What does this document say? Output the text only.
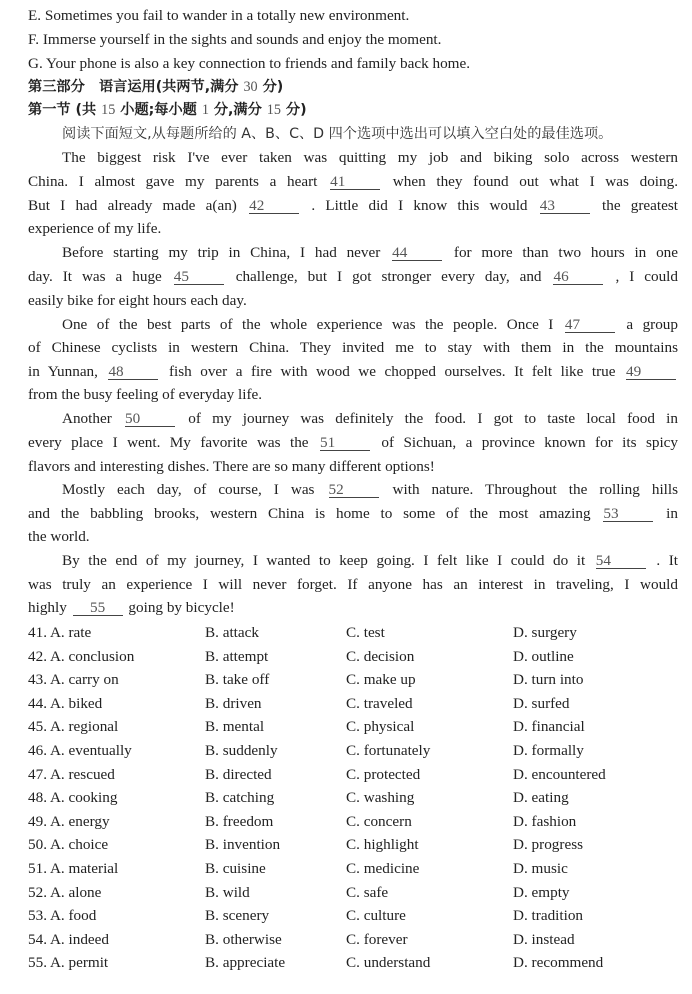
E. Sometimes you fail to wander in a totally new environment.
F. Immerse yourself in the sights and sounds and enjoy the moment.
G. Your phone is also a key connection to friends and family back home.
第三部分　语言运用(共两节,满分 30 分)
第一节 (共 15 小题;每小题 1 分,满分 15 分)
阅读下面短文,从每题所给的 A、B、C、D 四个选项中选出可以填入空白处的最佳选项。
The biggest risk I've ever taken was quitting my job and biking solo across western
China. I almost gave my parents a heart 41	when they found out what I was doing.
But I had already made a(an) 42	. Little did I know this would 43	the greatest
experience of my life.
Before starting my trip in China, I had never 44	for more than two hours in one
day. It was a huge 45	challenge, but I got stronger every day, and 46	, I could
easily bike for eight hours each day.
One of the best parts of the whole experience was the people. Once I 47	a group
of Chinese cyclists in western China. They invited me to stay with them in the mountains
in Yunnan, 48	fish over a fire with wood we chopped ourselves. It felt like true 49
from the busy feeling of everyday life.
Another 50	of my journey was definitely the food. I got to taste local food in
every place I went. My favorite was the 51	of Sichuan, a province known for its spicy
flavors and interesting dishes. There are so many different options!
Mostly each day, of course, I was 52	with nature. Throughout the rolling hills
and the babbling brooks, western China is home to some of the most amazing 53	in
the world.
By the end of my journey, I wanted to keep going. I felt like I could do it 54	. It
was truly an experience I will never forget. If anyone has an interest in traveling, I would
highly 55 going by bicycle!
41. A. rate	B. attack	C. test	D. surgery
42. A. conclusion	B. attempt	C. decision	D. outline
43. A. carry on	B. take off	C. make up	D. turn into
44. A. biked	B. driven	C. traveled	D. surfed
45. A. regional	B. mental	C. physical	D. financial
46. A. eventually	B. suddenly	C. fortunately	D. formally
47. A. rescued	B. directed	C. protected	D. encountered
48. A. cooking	B. catching	C. washing	D. eating
49. A. energy	B. freedom	C. concern	D. fashion
50. A. choice	B. invention	C. highlight	D. progress
51. A. material	B. cuisine	C. medicine	D. music
52. A. alone	B. wild	C. safe	D. empty
53. A. food	B. scenery	C. culture	D. tradition
54. A. indeed	B. otherwise	C. forever	D. instead
55. A. permit	B. appreciate	C. understand	D. recommend
